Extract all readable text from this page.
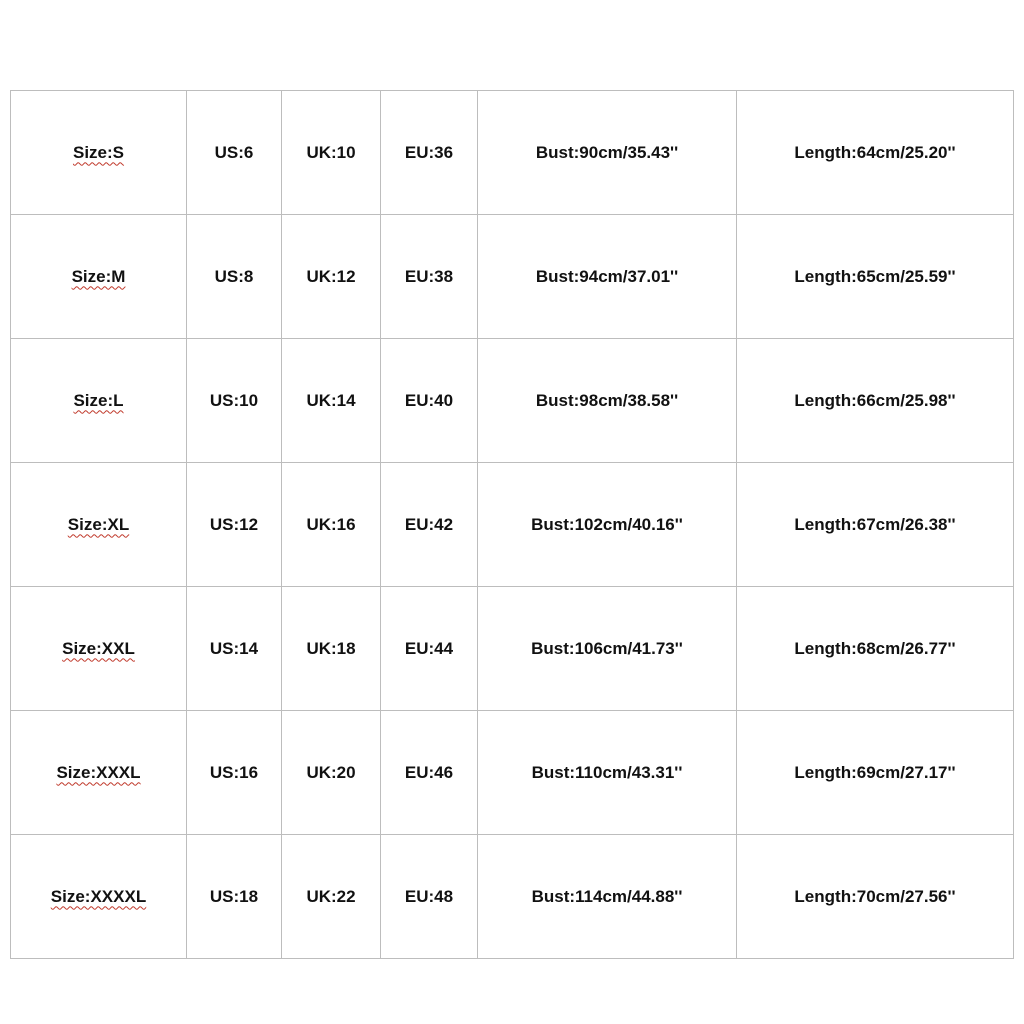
Size:S	US:6	UK:10	EU:36	Bust:90cm/35.43''	Length:64cm/25.20''
Size:M	US:8	UK:12	EU:38	Bust:94cm/37.01''	Length:65cm/25.59''
Size:L	US:10	UK:14	EU:40	Bust:98cm/38.58''	Length:66cm/25.98''
Size:XL	US:12	UK:16	EU:42	Bust:102cm/40.16''	Length:67cm/26.38''
Size:XXL	US:14	UK:18	EU:44	Bust:106cm/41.73''	Length:68cm/26.77''
Size:XXXL	US:16	UK:20	EU:46	Bust:110cm/43.31''	Length:69cm/27.17''
Size:XXXXL	US:18	UK:22	EU:48	Bust:114cm/44.88''	Length:70cm/27.56''
